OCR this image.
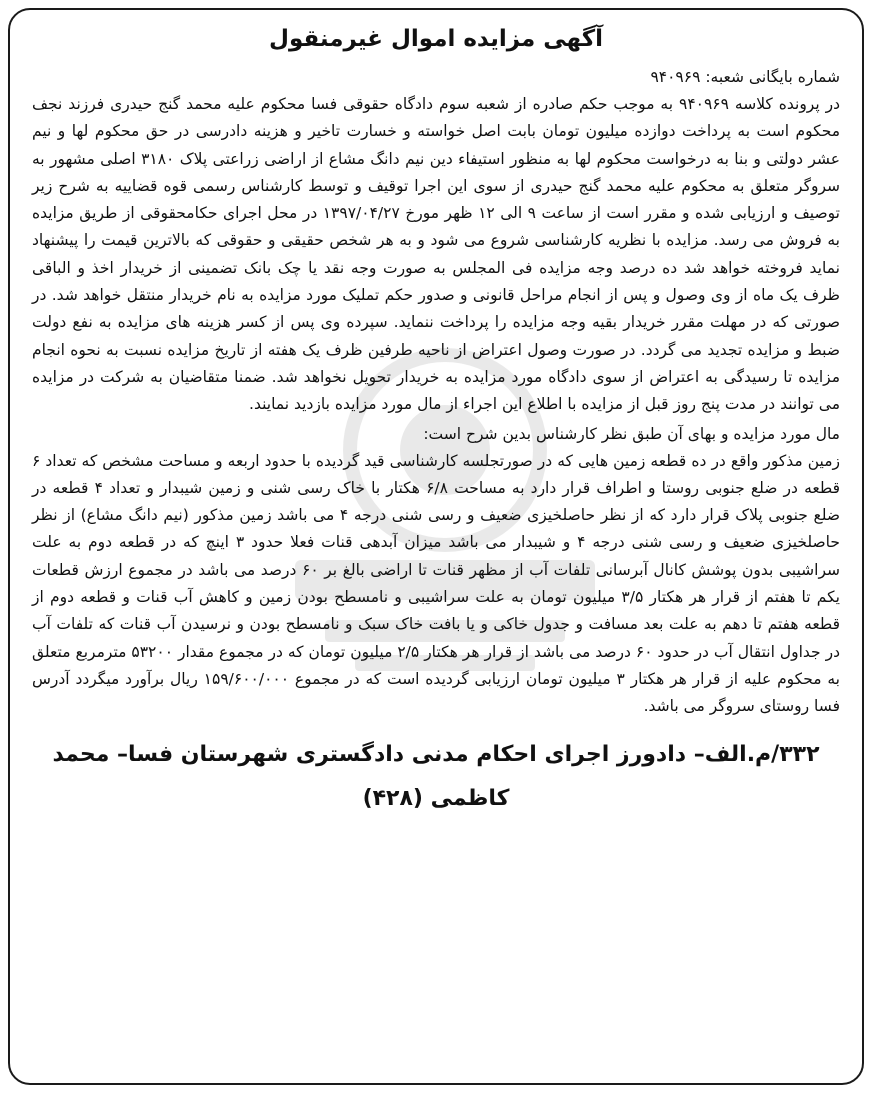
آگهی مزایده اموال غیرمنقول
شماره بایگانی شعبه: ۹۴۰۹۶۹

در پرونده کلاسه ۹۴۰۹۶۹ به موجب حکم صادره از شعبه سوم دادگاه حقوقی فسا محکوم علیه محمد گنج حیدری فرزند نجف محکوم است به پرداخت دوازده میلیون تومان بابت اصل خواسته و خسارت تاخیر و هزینه دادرسی در حق محکوم لها و نیم عشر دولتی و بنا به درخواست محکوم لها به منظور استیفاء دین نیم دانگ مشاع از اراضی زراعتی پلاک ۳۱۸۰ اصلی مشهور به سروگر متعلق به محکوم علیه محمد گنج حیدری از سوی این اجرا توقیف و توسط کارشناس رسمی قوه قضاییه به شرح زیر توصیف و ارزیابی شده و مقرر است از ساعت ۹ الی ۱۲ ظهر مورخ ۱۳۹۷/۰۴/۲۷ در محل اجرای حکامحقوقی از طریق مزایده به فروش می رسد. مزایده با نظریه کارشناسی شروع می شود و به هر شخص حقیقی و حقوقی که بالاترین قیمت را پیشنهاد نماید فروخته خواهد شد ده درصد وجه مزایده فی المجلس به صورت وجه نقد یا چک بانک تضمینی از خریدار اخذ و الباقی ظرف یک ماه از وی وصول و پس از انجام مراحل قانونی و صدور حکم تملیک مورد مزایده به نام خریدار منتقل خواهد شد. در صورتی که در مهلت مقرر خریدار بقیه وجه مزایده را پرداخت ننماید. سپرده وی پس از کسر هزینه های مزایده به نفع دولت ضبط و مزایده تجدید می گردد. در صورت وصول اعتراض از ناحیه طرفین ظرف یک هفته از تاریخ مزایده نسبت به نحوه انجام مزایده تا رسیدگی به اعتراض از سوی دادگاه مورد مزایده به خریدار تحویل نخواهد شد. ضمنا متقاضیان به شرکت در مزایده می توانند در مدت پنج روز قبل از مزایده با اطلاع این اجراء از مال مورد مزایده بازدید نمایند.

مال مورد مزایده و بهای آن طبق نظر کارشناس بدین شرح است:

زمین مذکور واقع در ده قطعه زمین هایی که در صورتجلسه کارشناسی قید گردیده با حدود اربعه و مساحت مشخص که تعداد ۶ قطعه در ضلع جنوبی روستا و اطراف قرار دارد به مساحت ۶/۸ هکتار با خاک رسی شنی و زمین شیبدار و تعداد ۴ قطعه در ضلع جنوبی پلاک قرار دارد که از نظر حاصلخیزی ضعیف و رسی شنی درجه ۴ می باشد زمین مذکور (نیم دانگ مشاع) از نظر حاصلخیزی ضعیف و رسی شنی درجه ۴ و شیبدار می باشد میزان آبدهی قنات فعلا حدود ۳ اینچ که در قطعه دوم به علت سراشیبی بدون پوشش کانال آبرسانی تلفات آب از مظهر قنات تا اراضی بالغ بر ۶۰ درصد می باشد در مجموع ارزش قطعات یکم تا هفتم از قرار هر هکتار ۳/۵ میلیون تومان به علت سراشیبی و نامسطح بودن زمین و کاهش آب قنات و قطعه دوم از قطعه هفتم تا دهم به علت بعد مسافت و جدول خاکی و یا بافت خاک سبک و نامسطح بودن و نرسیدن آب قنات که تلفات آب در جداول انتقال آب در حدود ۶۰ درصد می باشد از قرار هر هکتار ۲/۵ میلیون تومان که در مجموع مقدار ۵۳۲۰۰ مترمربع متعلق به محکوم علیه از قرار هر هکتار ۳ میلیون تومان ارزیابی گردیده است که در مجموع ۱۵۹/۶۰۰/۰۰۰ ریال برآورد میگردد آدرس فسا روستای سروگر می باشد.

۳۳۲/م.الف– دادورز اجرای احکام مدنی دادگستری شهرستان فسا– محمد
کاظمی (۴۲۸)
